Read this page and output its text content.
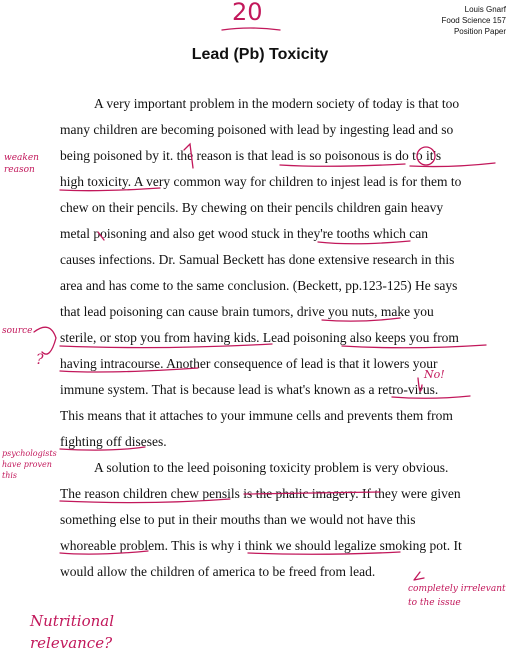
Louis Gnarf
Food Science 157
Position Paper
20
Lead (Pb) Toxicity
A very important problem in the modern society of today is that too
many children are becoming poisoned with lead by ingesting lead and so
being poisoned by it. the reason is that lead is so poisonous is do to it's
high toxicity. A very common way for children to injest lead is for them to
chew on their pencils. By chewing on their pencils children gain heavy
metal poisoning and also get wood stuck in they're tooths which can
causes infections. Dr. Samual Beckett has done extensive research in this
area and has come to the same conclusion. (Beckett, pp.123-125) He says
that lead poisoning can cause brain tumors, drive you nuts, make you
sterile, or stop you from having kids. Lead poisoning also keeps you from
having intracourse. Another consequence of lead is that it lowers your
immune system. That is because lead is what's known as a retro-virus.
This means that it attaches to your immune cells and prevents them from
fighting off diseses.
A solution to the leed poisoning toxicity problem is very obvious.
The reason children chew pensils is the phalic imagery. If they were given
something else to put in their mouths than we would not have this
whoreable problem. This is why i think we should legalize smoking pot. It
would allow the children of america to be freed from lead.
weaken reason
source
?
No!
psychologists have proven this
completely irrelevant to the issue
Nutritional relevance?
